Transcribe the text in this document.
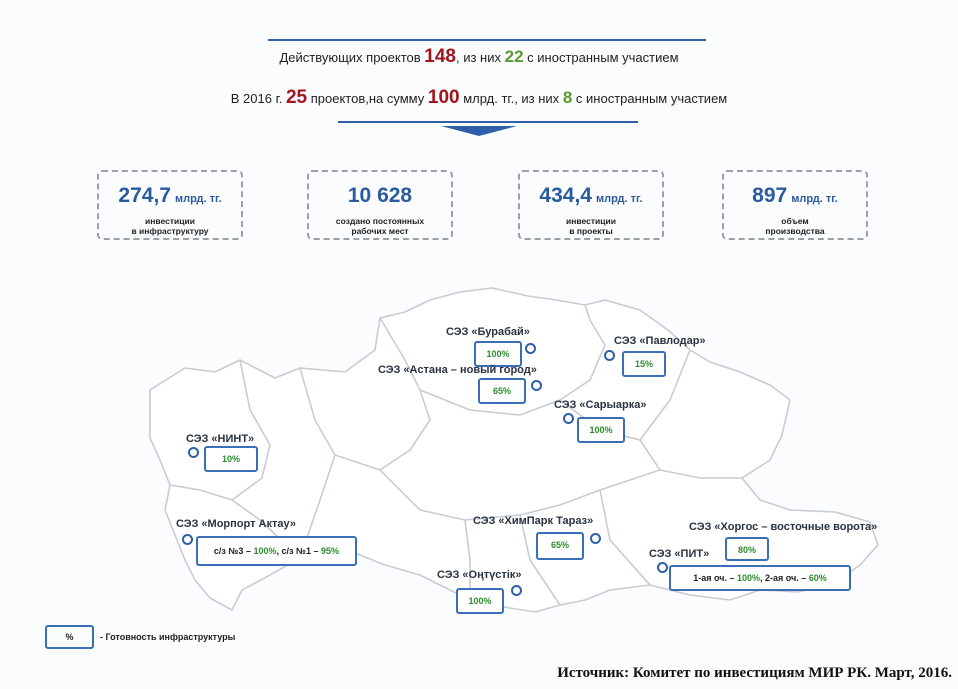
Действующих проектов 148, из них 22 с иностранным участием
В 2016 г. 25 проектов,на сумму 100 млрд. тг., из них 8 с иностранным участием
274,7 млрд. тг.
инвестиции
в инфраструктуру
10 628
создано постоянных
рабочих мест
434,4 млрд. тг.
инвестиции
в проекты
897 млрд. тг.
объем
производства
СЭЗ «Бурабай»
100%
СЭЗ «Павлодар»
15%
СЭЗ «Астана – новый город»
65%
СЭЗ «Сарыарка»
100%
СЭЗ «НИНТ»
10%
СЭЗ «Морпорт Актау»
с/з №3 – 100%, с/з №1 – 95%
СЭЗ «ХимПарк Тараз»
65%
СЭЗ «Хоргос – восточные ворота»
80%
СЭЗ «ПИТ»
1-ая оч. – 100%, 2-ая оч. – 60%
СЭЗ «Оңтүстік»
100%
%	- Готовность инфраструктуры
Источник: Комитет по инвестициям МИР РК. Март, 2016.
